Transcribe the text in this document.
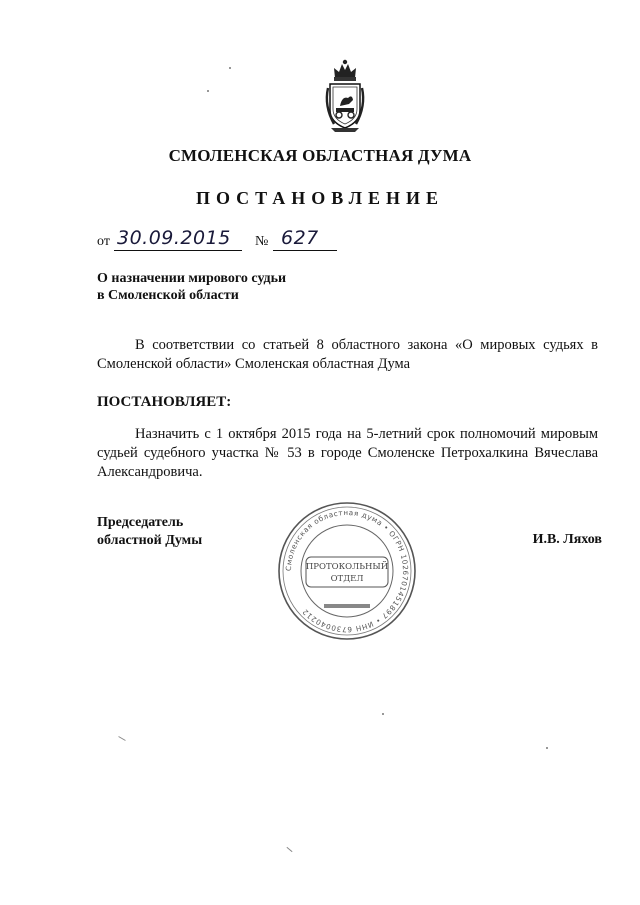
СМОЛЕНСКАЯ ОБЛАСТНАЯ ДУМА
ПОСТАНОВЛЕНИЕ
от 30.09.2015 № 627
О назначении мирового судьи
в Смоленской области
В соответствии со статьей 8 областного закона «О мировых судьях в Смоленской области» Смоленская областная Дума
ПОСТАНОВЛЯЕТ:
Назначить с 1 октября 2015 года на 5-летний срок полномочий мировым судьей судебного участка № 53 в городе Смоленске Петрохалкина Вячеслава Александровича.
Председатель
областной Думы	И.В. Ляхов
Смоленская областная дума • ОГРН 1026701451897 • ИНН 6730040212
ПРОТОКОЛЬНЫЙ
ОТДЕЛ
